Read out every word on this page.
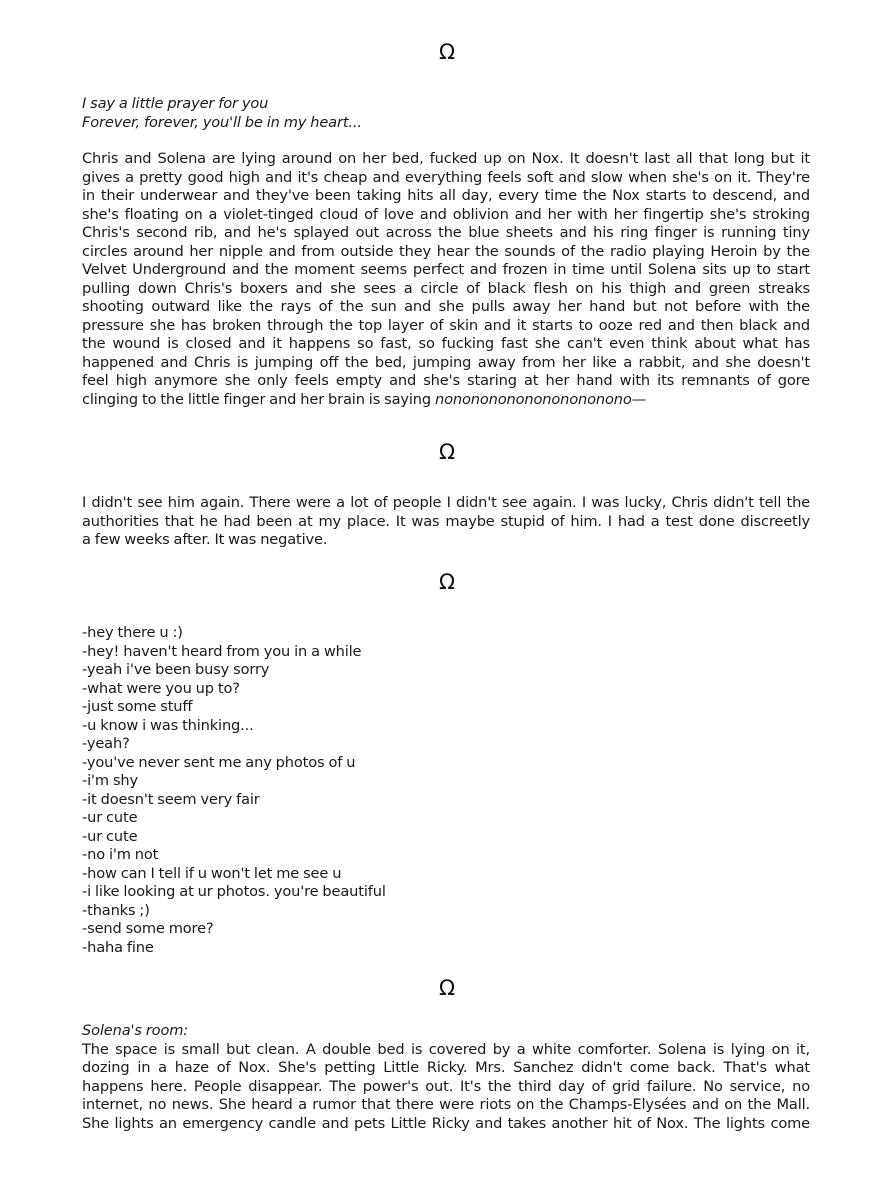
Ω
I say a little prayer for you
Forever, forever, you'll be in my heart...
Chris and Solena are lying around on her bed, fucked up on Nox. It doesn't last all that long but it
gives a pretty good high and it's cheap and everything feels soft and slow when she's on it. They're
in their underwear and they've been taking hits all day, every time the Nox starts to descend, and
she's floating on a violet-tinged cloud of love and oblivion and her with her fingertip she's stroking
Chris's second rib, and he's splayed out across the blue sheets and his ring finger is running tiny
circles around her nipple and from outside they hear the sounds of the radio playing Heroin by the
Velvet Underground and the moment seems perfect and frozen in time until Solena sits up to start
pulling down Chris's boxers and she sees a circle of black flesh on his thigh and green streaks
shooting outward like the rays of the sun and she pulls away her hand but not before with the
pressure she has broken through the top layer of skin and it starts to ooze red and then black and
the wound is closed and it happens so fast, so fucking fast she can't even think about what has
happened and Chris is jumping off the bed, jumping away from her like a rabbit, and she doesn't
feel high anymore she only feels empty and she's staring at her hand with its remnants of gore
clinging to the little finger and her brain is saying nonononononononononono—
Ω
I didn't see him again. There were a lot of people I didn't see again. I was lucky, Chris didn't tell the
authorities that he had been at my place. It was maybe stupid of him. I had a test done discreetly
a few weeks after. It was negative.
Ω
-hey there u :)
-hey! haven't heard from you in a while
-yeah i've been busy sorry
-what were you up to?
-just some stuff
-u know i was thinking...
-yeah?
-you've never sent me any photos of u
-i'm shy
-it doesn't seem very fair
-ur cute
-ur cute
-no i'm not
-how can I tell if u won't let me see u
-i like looking at ur photos. you're beautiful
-thanks ;)
-send some more?
-haha fine
Ω
Solena's room:
The space is small but clean. A double bed is covered by a white comforter. Solena is lying on it,
dozing in a haze of Nox. She's petting Little Ricky. Mrs. Sanchez didn't come back. That's what
happens here. People disappear. The power's out. It's the third day of grid failure. No service, no
internet, no news. She heard a rumor that there were riots on the Champs-Elysées and on the Mall.
She lights an emergency candle and pets Little Ricky and takes another hit of Nox. The lights come
